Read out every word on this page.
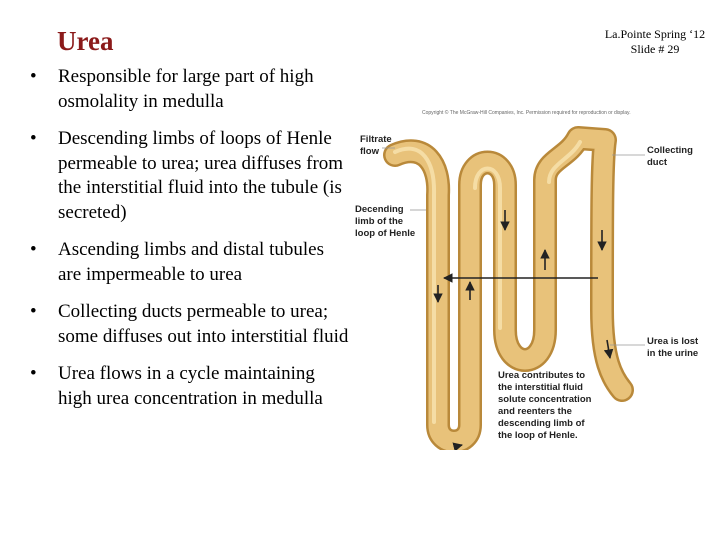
Urea	La.Pointe Spring ‘12
Slide # 29
• Responsible for large part of high osmolality in medulla
• Descending limbs of loops of Henle permeable to urea; urea diffuses from the interstitial fluid into the tubule (is secreted)
• Ascending limbs and distal tubules are impermeable to urea
• Collecting ducts permeable to urea; some diffuses out into interstitial fluid
• Urea flows in a cycle maintaining high urea concentration in medulla
Copyright © The McGraw-Hill Companies, Inc. Permission required for reproduction or display.
Filtrate
flow
Decending
limb of the
loop of Henle
Collecting
duct
Urea is lost
in the urine
Urea contributes to
the interstitial fluid
solute concentration
and reenters the
descending limb of
the loop of Henle.
